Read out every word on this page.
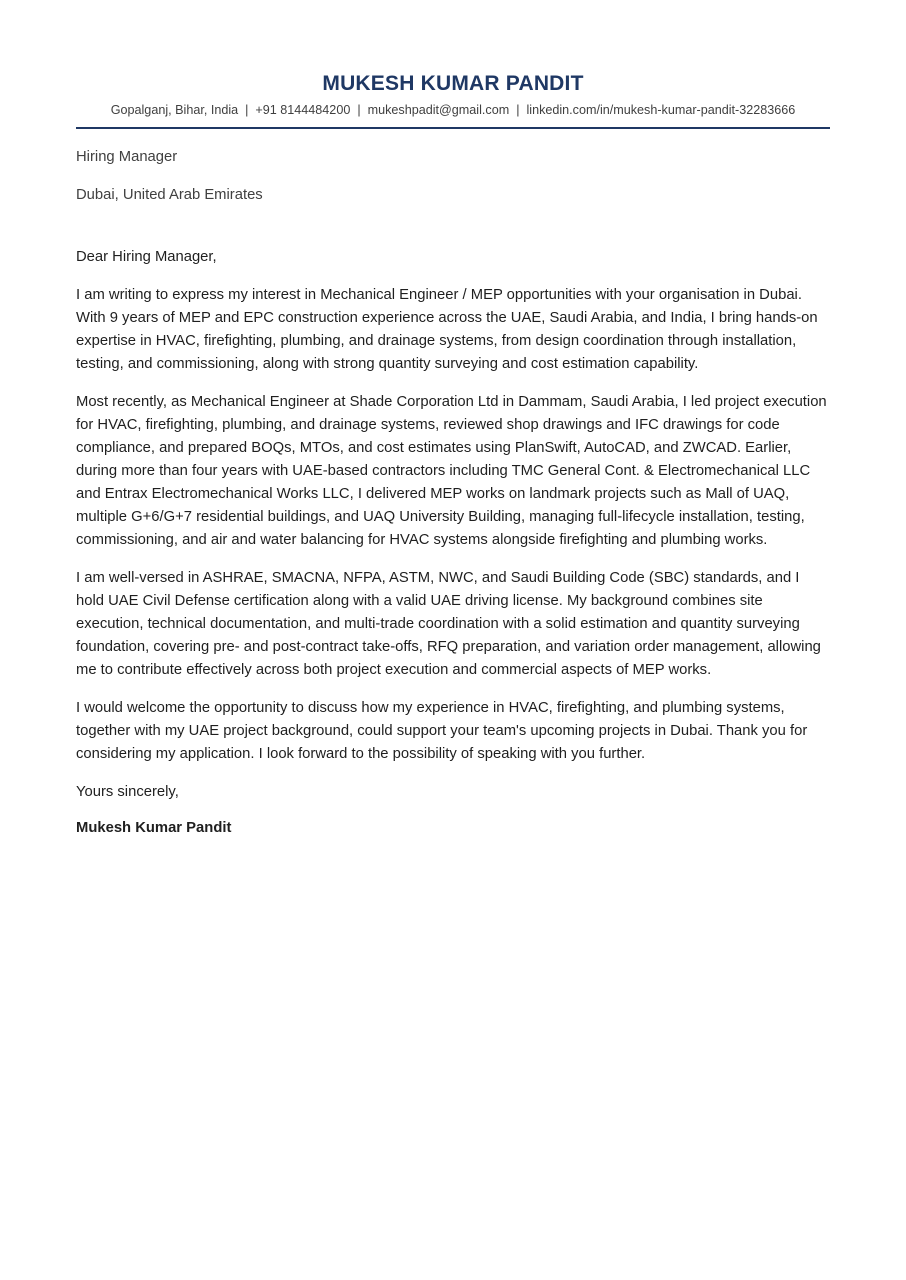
MUKESH KUMAR PANDIT
Gopalganj, Bihar, India | +91 8144484200 | mukeshpadit@gmail.com | linkedin.com/in/mukesh-kumar-pandit-32283666
Hiring Manager
Dubai, United Arab Emirates

Dear Hiring Manager,

I am writing to express my interest in Mechanical Engineer / MEP opportunities with your organisation in Dubai. With 9 years of MEP and EPC construction experience across the UAE, Saudi Arabia, and India, I bring hands-on expertise in HVAC, firefighting, plumbing, and drainage systems, from design coordination through installation, testing, and commissioning, along with strong quantity surveying and cost estimation capability.

Most recently, as Mechanical Engineer at Shade Corporation Ltd in Dammam, Saudi Arabia, I led project execution for HVAC, firefighting, plumbing, and drainage systems, reviewed shop drawings and IFC drawings for code compliance, and prepared BOQs, MTOs, and cost estimates using PlanSwift, AutoCAD, and ZWCAD. Earlier, during more than four years with UAE-based contractors including TMC General Cont. & Electromechanical LLC and Entrax Electromechanical Works LLC, I delivered MEP works on landmark projects such as Mall of UAQ, multiple G+6/G+7 residential buildings, and UAQ University Building, managing full-lifecycle installation, testing, commissioning, and air and water balancing for HVAC systems alongside firefighting and plumbing works.

I am well-versed in ASHRAE, SMACNA, NFPA, ASTM, NWC, and Saudi Building Code (SBC) standards, and I hold UAE Civil Defense certification along with a valid UAE driving license. My background combines site execution, technical documentation, and multi-trade coordination with a solid estimation and quantity surveying foundation, covering pre- and post-contract take-offs, RFQ preparation, and variation order management, allowing me to contribute effectively across both project execution and commercial aspects of MEP works.

I would welcome the opportunity to discuss how my experience in HVAC, firefighting, and plumbing systems, together with my UAE project background, could support your team's upcoming projects in Dubai. Thank you for considering my application. I look forward to the possibility of speaking with you further.

Yours sincerely,

Mukesh Kumar Pandit
